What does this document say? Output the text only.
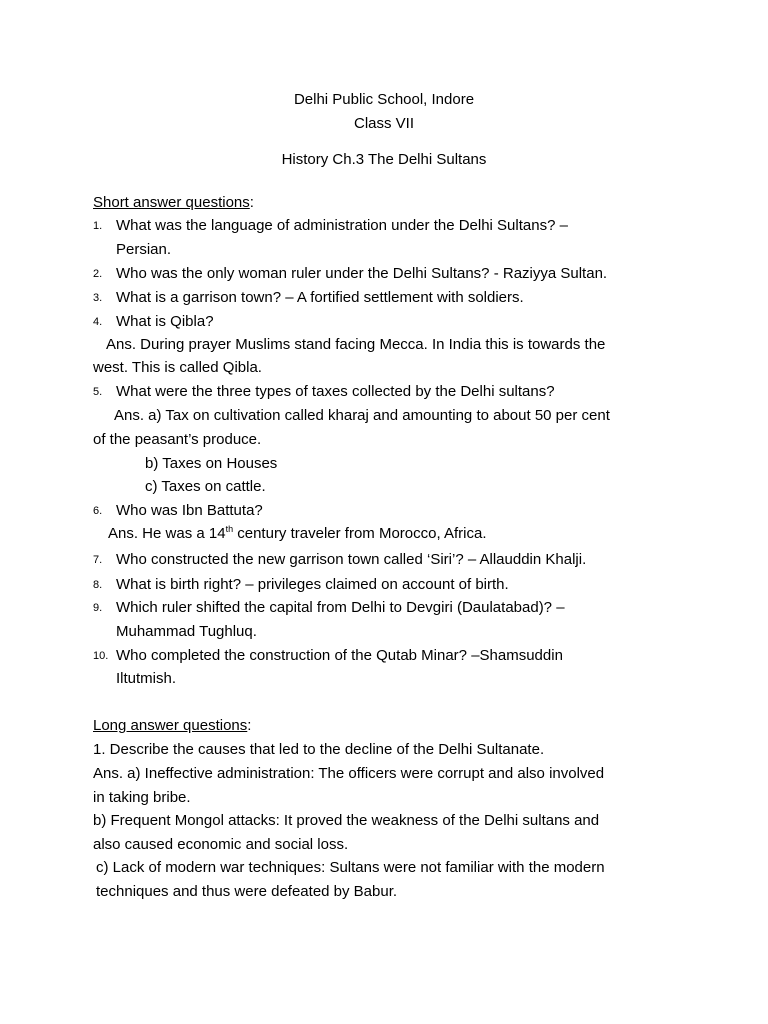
Delhi Public School, Indore
Class VII
History Ch.3 The Delhi Sultans
Short answer questions:
1. What was the language of administration under the Delhi Sultans? –
Persian.
2. Who was the only woman ruler under the Delhi Sultans? - Raziyya Sultan.
3. What is a garrison town? – A fortified settlement with soldiers.
4. What is Qibla?
Ans. During prayer Muslims stand facing Mecca. In India this is towards the
west. This is called Qibla.
5. What were the three types of taxes collected by the Delhi sultans?
Ans. a) Tax on cultivation called kharaj and amounting to about 50 per cent
of the peasant’s produce.
b) Taxes on Houses
c) Taxes on cattle.
6. Who was Ibn Battuta?
Ans. He was a 14th century traveler from Morocco, Africa.
7. Who constructed the new garrison town called ‘Siri’? – Allauddin Khalji.
8. What is birth right? – privileges claimed on account of birth.
9. Which ruler shifted the capital from Delhi to Devgiri (Daulatabad)? –
Muhammad Tughluq.
10. Who completed the construction of the Qutab Minar? –Shamsuddin
Iltutmish.
Long answer questions:
1. Describe the causes that led to the decline of the Delhi Sultanate.
Ans. a) Ineffective administration: The officers were corrupt and also involved
in taking bribe.
b) Frequent Mongol attacks: It proved the weakness of the Delhi sultans and
also caused economic and social loss.
c) Lack of modern war techniques: Sultans were not familiar with the modern
techniques and thus were defeated by Babur.
